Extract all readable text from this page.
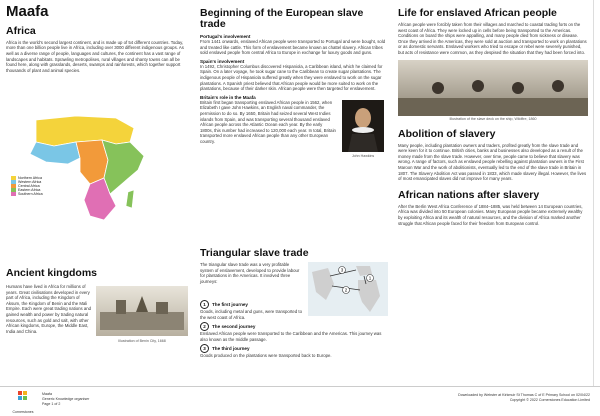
Maafa
Africa

Africa is the world's second largest continent, and is made up of 54 different countries. Today, more than one billion people live in Africa, including over 3000 different indigenous groups. As well as a diverse range of people, languages and cultures, the continent has a vast range of landscapes and habitats. Sprawling metropolises, rural villages and shanty towns can all be found here, along with grasslands, deserts, swamps and rainforests, which together support thousands of plant and animal species.

Northern Africa
Western Africa
Central Africa
Eastern Africa
Southern Africa
Ancient kingdoms

Humans have lived in Africa for millions of years. Great civilisations developed in every part of Africa, including the Kingdom of Aksum, the Kingdom of Benin and the Mali Empire. Each were great trading nations and gained wealth and power by trading natural resources, such as gold and salt, with other African kingdoms, Europe, the Middle East, India and China.

Illustration of Benin City, 1668

Beginning of the European slave trade

Portugal's involvement

From 1441 onwards, enslaved African people were transported to Portugal and were bought, sold and treated like cattle. This form of enslavement became known as chattel slavery. African tribes sold enslaved people from central Africa to Europe in exchange for luxury goods and guns.

Spain's involvement

In 1492, Christopher Columbus discovered Hispaniola, a Caribbean island, which he claimed for Spain. On a later voyage, he took sugar cane to the Caribbean to create sugar plantations. The indigenous people of Hispaniola suffered greatly when they were enslaved to work on the sugar plantations. A Spanish priest believed that African people would be more suited to work on the plantations, because of their darker skin. African people were then targeted for enslavement.

Britain's role in the Maafa

Britain first began transporting enslaved African people in 1562, when Elizabeth I gave John Hawkins, an English naval commander, the permission to do so. By 1650, Britain had seized several West Indies islands from Spain, and was transporting several thousand enslaved African people across the Atlantic Ocean each year. By the early 1800s, this number had increased to 120,000 each year. In total, Britain transported more enslaved African people than any other European country.

John Hawkins

Triangular slave trade

The triangular slave trade was a very profitable system of enslavement, developed to provide labour for plantations in the Americas. It involved three journeys:

1
2
3

1 The first journey

Goods, including metal and guns, were transported to the west coast of Africa.

2 The second journey

Enslaved African people were transported to the Caribbean and the Americas. This journey was also known as the middle passage.

3 The third journey

Goods produced on the plantations were transported back to Europe.

Life for enslaved African people

African people were forcibly taken from their villages and marched to coastal trading forts on the west coast of Africa. They were locked up in cells before being transported to the Americas. Conditions on board the ships were appalling, and many people died from sickness or disease. Once they arrived in the Americas, they were sold at auction and transported to work on plantations or as domestic servants. Enslaved workers who tried to escape or rebel were severely punished, but acts of resistance were common, as they despised the situation that they had been forced into.

Illustration of the slave deck on the ship, Wildfire, 1860

Abolition of slavery

Many people, including plantation owners and traders, profited greatly from the slave trade and were keen for it to continue. British cities, banks and businesses also developed as a result of the money made from the slave trade. However, over time, people came to believe that slavery was wrong. A range of factors, such as enslaved people rebelling against plantation owners in the First Maroon War and the work of abolitionists, eventually led to the end of the slave trade in Britain in 1807. The Slavery Abolition Act was passed in 1833, which made slavery illegal. However, the lives of most emancipated slaves did not improve for many years.

African nations after slavery

After the Berlin West Africa Conference of 1884–1885, was held between 14 European countries, Africa was divided into 50 European colonies. Many European people became extremely wealthy by exploiting Africa and its wealth of natural resources, and the division of Africa marked another struggle that African people faced for their freedom from European control.

Cornerstones
Maafa
Generic Knowledge organiser
Page 1 of 2
Downloaded by Webster at Kirkmuir St Thomas C of E Primary School on 02/04/22
Copyright © 2022 Cornerstones Education Limited
